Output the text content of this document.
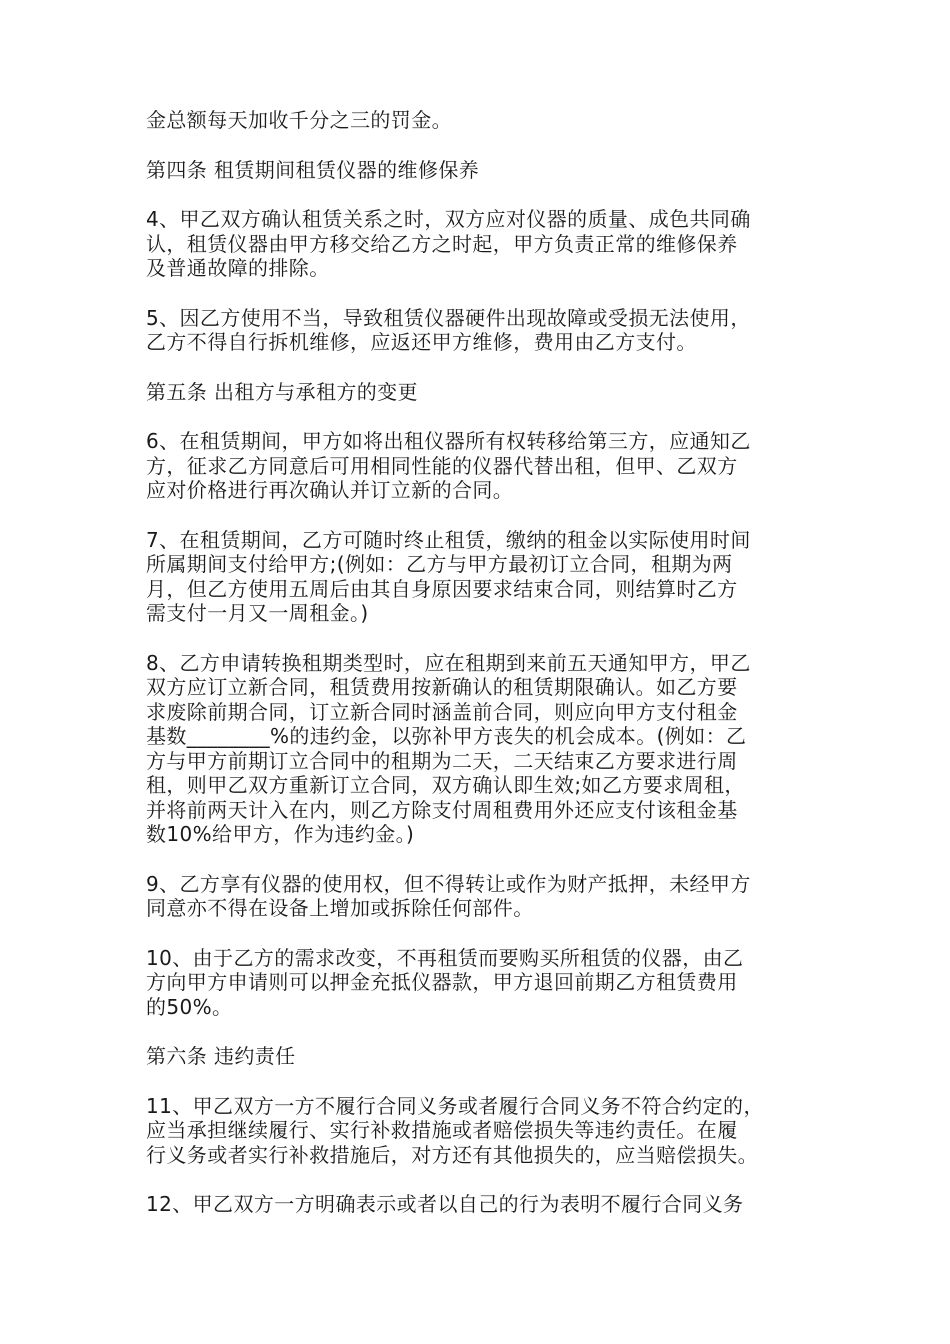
金总额每天加收千分之三的罚金。
第四条 租赁期间租赁仪器的维修保养
4、甲乙双方确认租赁关系之时，双方应对仪器的质量、成色共同确
认，租赁仪器由甲方移交给乙方之时起，甲方负责正常的维修保养
及普通故障的排除。
5、因乙方使用不当，导致租赁仪器硬件出现故障或受损无法使用，
乙方不得自行拆机维修，应返还甲方维修，费用由乙方支付。
第五条 出租方与承租方的变更
6、在租赁期间，甲方如将出租仪器所有权转移给第三方，应通知乙
方，征求乙方同意后可用相同性能的仪器代替出租，但甲、乙双方
应对价格进行再次确认并订立新的合同。
7、在租赁期间，乙方可随时终止租赁，缴纳的租金以实际使用时间
所属期间支付给甲方;(例如：乙方与甲方最初订立合同，租期为两
月，但乙方使用五周后由其自身原因要求结束合同，则结算时乙方
需支付一月又一周租金。)
8、乙方申请转换租期类型时，应在租期到来前五天通知甲方，甲乙
双方应订立新合同，租赁费用按新确认的租赁期限确认。如乙方要
求废除前期合同，订立新合同时涵盖前合同，则应向甲方支付租金
基数________%的违约金，以弥补甲方丧失的机会成本。(例如：乙
方与甲方前期订立合同中的租期为二天，二天结束乙方要求进行周
租，则甲乙双方重新订立合同，双方确认即生效;如乙方要求周租，
并将前两天计入在内，则乙方除支付周租费用外还应支付该租金基
数10%给甲方，作为违约金。)
9、乙方享有仪器的使用权，但不得转让或作为财产抵押，未经甲方
同意亦不得在设备上增加或拆除任何部件。
10、由于乙方的需求改变，不再租赁而要购买所租赁的仪器，由乙
方向甲方申请则可以押金充抵仪器款，甲方退回前期乙方租赁费用
的50%。
第六条 违约责任
11、甲乙双方一方不履行合同义务或者履行合同义务不符合约定的，
应当承担继续履行、实行补救措施或者赔偿损失等违约责任。在履
行义务或者实行补救措施后，对方还有其他损失的，应当赔偿损失。
12、甲乙双方一方明确表示或者以自己的行为表明不履行合同义务
